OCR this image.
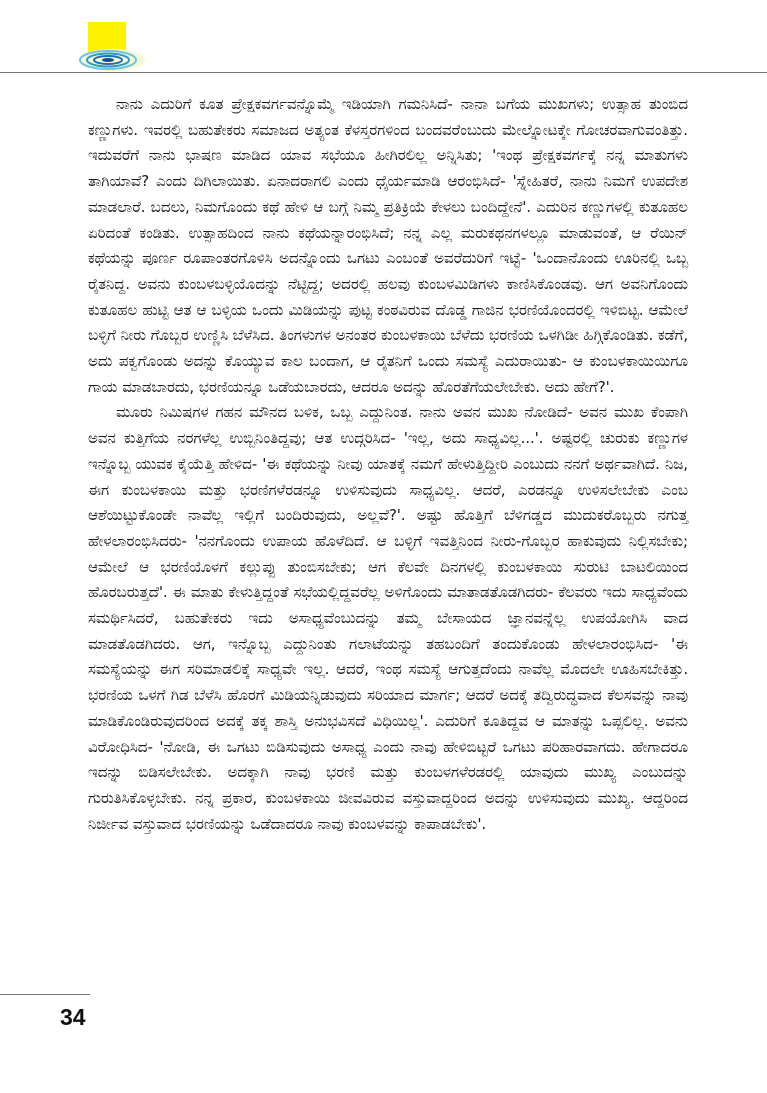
ನಾನು ಎದುರಿಗೆ ಕೂತ ಪ್ರೇಕ್ಷಕವರ್ಗವನ್ನೊಮ್ಮೆ ಇಡಿಯಾಗಿ ಗಮನಿಸಿದೆ- ನಾನಾ ಬಗೆಯ ಮುಖಗಳು; ಉತ್ಸಾಹ ತುಂಬಿದ ಕಣ್ಣುಗಳು. ಇವರಲ್ಲಿ ಬಹುತೇಕರು ಸಮಾಜದ ಅತ್ಯಂತ ಕೆಳಸ್ತರಗಳಿಂದ ಬಂದವರೆಂಬುದು ಮೇಲ್ನೋಟಕ್ಕೇ ಗೋಚರವಾಗುವಂತಿತ್ತು. ಇದುವರೆಗೆ ನಾನು ಭಾಷಣ ಮಾಡಿದ ಯಾವ ಸಭೆಯೂ ಹೀಗಿರಲಿಲ್ಲ ಅನ್ನಿಸಿತು; 'ಇಂಥ ಪ್ರೇಕ್ಷಕವರ್ಗಕ್ಕೆ ನನ್ನ ಮಾತುಗಳು ತಾಗಿಯಾವೆ? ಎಂದು ದಿಗಿಲಾಯಿತು. ಏನಾದರಾಗಲಿ ಎಂದು ಧೈರ್ಯಮಾಡಿ ಆರಂಭಿಸಿದೆ- 'ಸ್ನೇಹಿತರೆ, ನಾನು ನಿಮಗೆ ಉಪದೇಶ ಮಾಡಲಾರೆ. ಬದಲು, ನಿಮಗೊಂದು ಕಥೆ ಹೇಳಿ ಆ ಬಗ್ಗೆ ನಿಮ್ಮ ಪ್ರತಿಕ್ರಿಯೆ ಕೇಳಲು ಬಂದಿದ್ದೇನೆ'. ಎದುರಿನ ಕಣ್ಣುಗಳಲ್ಲಿ ಕುತೂಹಲ ಏರಿದಂತೆ ಕಂಡಿತು. ಉತ್ಸಾಹದಿಂದ ನಾನು ಕಥೆಯನ್ನಾರಂಭಿಸಿದೆ; ನನ್ನ ಎಲ್ಲ ಮರುಕಥನಗಳಲ್ಲೂ ಮಾಡುವಂತೆ, ಆ ರೆಯಿನ್ ಕಥೆಯನ್ನು ಪೂರ್ಣ ರೂಪಾಂತರಗೊಳಿಸಿ ಅದನ್ನೊಂದು ಒಗಟು ಎಂಬಂತೆ ಅವರೆದುರಿಗೆ ಇಟ್ಟೆ- 'ಒಂದಾನೊಂದು ಊರಿನಲ್ಲಿ ಒಬ್ಬ ರೈತನಿದ್ದ. ಅವನು ಕುಂಬಳಬಳ್ಳಿಯೊದನ್ನು ನೆಟ್ಟಿದ್ದ; ಅದರಲ್ಲಿ ಹಲವು ಕುಂಬಳಮಿಡಿಗಳು ಕಾಣಿಸಿಕೊಂಡವು. ಆಗ ಅವನಿಗೊಂದು ಕುತೂಹಲ ಹುಟ್ಟಿ ಆತ ಆ ಬಳ್ಳಿಯ ಒಂದು ಮಿಡಿಯನ್ನು ಪುಟ್ಟ ಕಂಠವಿರುವ ದೊಡ್ಡ ಗಾಜಿನ ಭರಣಿಯೊಂದರಲ್ಲಿ ಇಳಿಬಿಟ್ಟ. ಆಮೇಲೆ ಬಳ್ಳಿಗೆ ನೀರು ಗೊಬ್ಬರ ಉಣ್ಣಿಸಿ ಬೆಳೆಸಿದ. ತಿಂಗಳುಗಳ ಅನಂತರ ಕುಂಬಳಕಾಯಿ ಬೆಳೆದು ಭರಣಿಯ ಒಳಗಿಡೀ ಹಿಗ್ಗಿಕೊಂಡಿತು. ಕಡೆಗೆ, ಅದು ಪಕ್ವಗೊಂಡು ಅದನ್ನು ಕೊಯ್ಯುವ ಕಾಲ ಬಂದಾಗ, ಆ ರೈತನಿಗೆ ಒಂದು ಸಮಸ್ಯೆ ಎದುರಾಯಿತು- ಆ ಕುಂಬಳಕಾಯಿಯಿಗೂ ಗಾಯ ಮಾಡಬಾರದು, ಭರಣಿಯನ್ನೂ ಒಡೆಯಬಾರದು, ಆದರೂ ಅದನ್ನು ಹೊರತೆಗೆಯಲೇಬೇಕು. ಅದು ಹೇಗೆ?'.

ಮೂರು ನಿಮಿಷಗಳ ಗಹನ ಮೌನದ ಬಳಿಕ, ಒಬ್ಬ ಎದ್ದುನಿಂತ. ನಾನು ಅವನ ಮುಖ ನೋಡಿದೆ- ಅವನ ಮುಖ ಕೆಂಪಾಗಿ ಅವನ ಕುತ್ತಿಗೆಯ ನರಗಳೆಲ್ಲ ಉಬ್ಬಿನಿಂತಿದ್ದವು; ಆತ ಉದ್ಗರಿಸಿದ- 'ಇಲ್ಲ, ಅದು ಸಾಧ್ಯವಿಲ್ಲ...'. ಅಷ್ಟರಲ್ಲಿ ಚುರುಕು ಕಣ್ಣುಗಳ ಇನ್ನೊಬ್ಬ ಯುವಕ ಕೈಯೆತ್ತಿ ಹೇಳಿದ- 'ಈ ಕಥೆಯನ್ನು ನೀವು ಯಾತಕ್ಕೆ ನಮಗೆ ಹೇಳುತ್ತಿದ್ದೀರಿ ಎಂಬುದು ನನಗೆ ಅರ್ಥವಾಗಿದೆ. ನಿಜ, ಈಗ ಕುಂಬಳಕಾಯಿ ಮತ್ತು ಭರಣಿಗಳೆರಡನ್ನೂ ಉಳಿಸುವುದು ಸಾಧ್ಯವಿಲ್ಲ. ಆದರೆ, ಎರಡನ್ನೂ ಉಳಿಸಲೇಬೇಕು ಎಂಬ ಆಶೆಯಿಟ್ಟುಕೊಂಡೇ ನಾವೆಲ್ಲ ಇಲ್ಲಿಗೆ ಬಂದಿರುವುದು, ಅಲ್ಲವೆ?'. ಅಷ್ಟು ಹೊತ್ತಿಗೆ ಬೆಳಿಗಡ್ಡದ ಮುದುಕರೊಬ್ಬರು ನಗುತ್ತ ಹೇಳಲಾರಂಭಿಸಿದರು- 'ನನಗೊಂದು ಉಪಾಯ ಹೊಳೆದಿದೆ. ಆ ಬಳ್ಳಿಗೆ ಇವತ್ತಿನಿಂದ ನೀರು-ಗೊಬ್ಬರ ಹಾಕುವುದು ನಿಲ್ಲಿಸಬೇಕು; ಆಮೇಲೆ ಆ ಭರಣಿಯೊಳಗೆ ಕಲ್ಲುಪ್ಪು ತುಂಬಿಸಬೇಕು; ಆಗ ಕೆಲವೇ ದಿನಗಳಲ್ಲಿ ಕುಂಬಳಕಾಯಿ ಸುರುಟಿ ಬಾಟಲಿಯಿಂದ ಹೊರಬರುತ್ತದೆ'. ಈ ಮಾತು ಕೇಳುತ್ತಿದ್ದಂತೆ ಸಭೆಯಲ್ಲಿದ್ದವರೆಲ್ಲ ಅಳಿಗೊಂದು ಮಾತಾಡತೊಡಗಿದರು- ಕೆಲವರು ಇದು ಸಾಧ್ಯವೆಂದು ಸಮರ್ಥಿಸಿದರೆ, ಬಹುತೇಕರು ಇದು ಅಸಾಧ್ಯವೆಂಬುದನ್ನು ತಮ್ಮ ಬೇಸಾಯದ ಜ್ಞಾನವನ್ನೆಲ್ಲ ಉಪಯೋಗಿಸಿ ವಾದ ಮಾಡತೊಡಗಿದರು. ಆಗ, ಇನ್ನೊಬ್ಬ ಎದ್ದುನಿಂತು ಗಲಾಟೆಯನ್ನು ತಹಬಂದಿಗೆ ತಂದುಕೊಂಡು ಹೇಳಲಾರಂಭಿಸಿದ- 'ಈ ಸಮಸ್ಯೆಯನ್ನು ಈಗ ಸರಿಮಾಡಲಿಕ್ಕೆ ಸಾಧ್ಯವೇ ಇಲ್ಲ. ಆದರೆ, ಇಂಥ ಸಮಸ್ಯೆ ಆಗುತ್ತದೆಂದು ನಾವೆಲ್ಲ ಮೊದಲೇ ಊಹಿಸಬೇಕಿತ್ತು. ಭರಣಿಯ ಒಳಗೆ ಗಿಡ ಬೆಳೆಸಿ ಹೊರಗೆ ಮಿಡಿಯನ್ನಿಡುವುದು ಸರಿಯಾದ ಮಾರ್ಗ; ಆದರೆ ಅದಕ್ಕೆ ತದ್ವಿರುದ್ಧವಾದ ಕೆಲಸವನ್ನು ನಾವು ಮಾಡಿಕೊಂಡಿರುವುದರಿಂದ ಅದಕ್ಕೆ ತಕ್ಕ ಶಾಸ್ತಿ ಅನುಭವಿಸದೆ ವಿಧಿಯಿಲ್ಲ'. ಎದುರಿಗೆ ಕೂತಿದ್ದವ ಆ ಮಾತನ್ನು ಒಪ್ಪಲಿಲ್ಲ. ಅವನು ವಿರೋಧಿಸಿದ- 'ನೋಡಿ, ಈ ಒಗಟು ಬಿಡಿಸುವುದು ಅಸಾಧ್ಯ ಎಂದು ನಾವು ಹೇಳಿಬಿಟ್ಟರೆ ಒಗಟು ಪರಿಹಾರವಾಗದು. ಹೇಗಾದರೂ ಇದನ್ನು ಬಿಡಿಸಲೇಬೇಕು. ಅದಕ್ಕಾಗಿ ನಾವು ಭರಣಿ ಮತ್ತು ಕುಂಬಳಗಳೆರಡರಲ್ಲಿ ಯಾವುದು ಮುಖ್ಯ ಎಂಬುದನ್ನು ಗುರುತಿಸಿಕೊಳ್ಳಬೇಕು. ನನ್ನ ಪ್ರಕಾರ, ಕುಂಬಳಕಾಯಿ ಜೀವವಿರುವ ವಸ್ತುವಾದ್ದರಿಂದ ಅದನ್ನು ಉಳಿಸುವುದು ಮುಖ್ಯ. ಆದ್ದರಿಂದ ನಿರ್ಜೀವ ವಸ್ತುವಾದ ಭರಣಿಯನ್ನು ಒಡೆದಾದರೂ ನಾವು ಕುಂಬಳವನ್ನು ಕಾಪಾಡಬೇಕು'.

34
